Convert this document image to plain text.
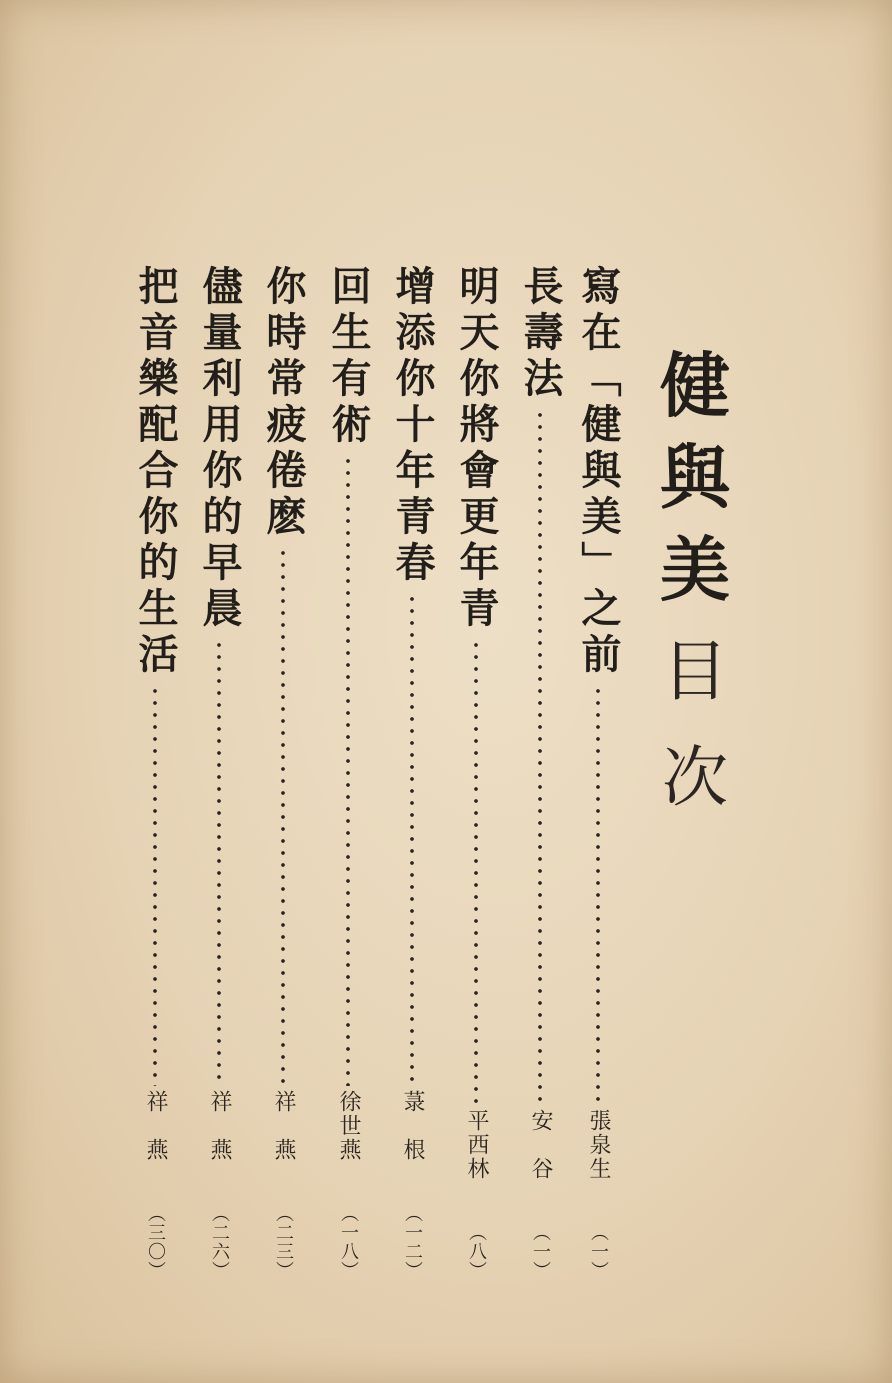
健
與
美
目
次
寫在「健與美」之前
張泉生
（一）
長壽法
安谷
（一）
明天你將會更年青
平西林
（八）
增添你十年青春
菉根
（一二）
回生有術
徐世燕
（一八）
你時常疲倦麽
祥燕
（二三）
儘量利用你的早晨
祥燕
（二六）
把音樂配合你的生活
祥燕
（三〇）
